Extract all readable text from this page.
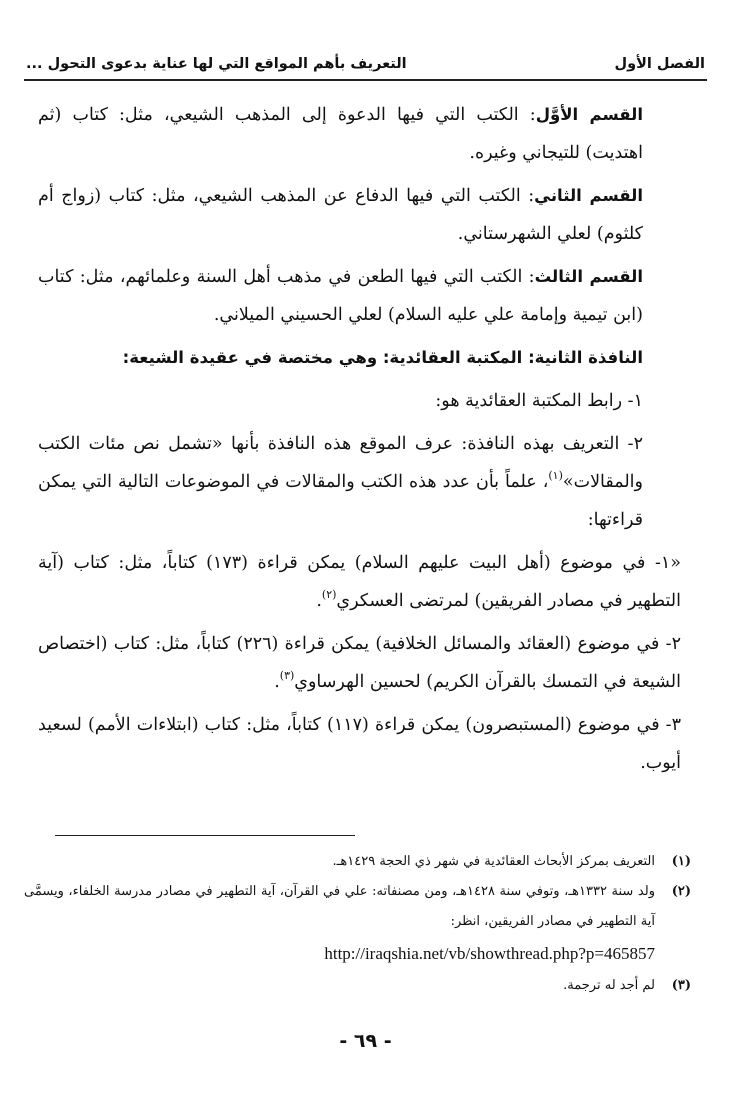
الفصل الأول
التعريف بأهم المواقع التي لها عناية بدعوى التحول ...

القسم الأوَّل: الكتب التي فيها الدعوة إلى المذهب الشيعي، مثل: كتاب (ثم اهتديت) للتيجاني وغيره.

القسم الثاني: الكتب التي فيها الدفاع عن المذهب الشيعي، مثل: كتاب (زواج أم كلثوم) لعلي الشهرستاني.

القسم الثالث: الكتب التي فيها الطعن في مذهب أهل السنة وعلمائهم، مثل: كتاب (ابن تيمية وإمامة علي عليه السلام) لعلي الحسيني الميلاني.

النافذة الثانية: المكتبة العقائدية: وهي مختصة في عقيدة الشيعة:

١- رابط المكتبة العقائدية هو:

٢- التعريف بهذه النافذة: عرف الموقع هذه النافذة بأنها «تشمل نص مئات الكتب والمقالات»$^{(١)}$، علماً بأن عدد هذه الكتب والمقالات في الموضوعات التالية التي يمكن قراءتها:

«١- في موضوع (أهل البيت عليهم السلام) يمكن قراءة (١٧٣) كتاباً، مثل: كتاب (آية التطهير في مصادر الفريقين) لمرتضى العسكري$^{(٢)}$.

٢- في موضوع (العقائد والمسائل الخلافية) يمكن قراءة (٢٢٦) كتاباً، مثل: كتاب (اختصاص الشيعة في التمسك بالقرآن الكريم) لحسين الهرساوي$^{(٣)}$.

٣- في موضوع (المستبصرون) يمكن قراءة (١١٧) كتاباً، مثل: كتاب (ابتلاءات الأمم) لسعيد أيوب.

(١)
التعريف بمركز الأبحاث العقائدية في شهر ذي الحجة ١٤٢٩هـ.
(٢)
ولد سنة ١٣٣٢هـ، وتوفي سنة ١٤٢٨هـ، ومن مصنفاته: علي في القرآن، آية التطهير في مصادر مدرسة الخلفاء، ويسمَّى آية التطهير في مصادر الفريقين، انظر:
http://iraqshia.net/vb/showthread.php?p=465857
(٣)
لم أجد له ترجمة.
- ٦٩ -
